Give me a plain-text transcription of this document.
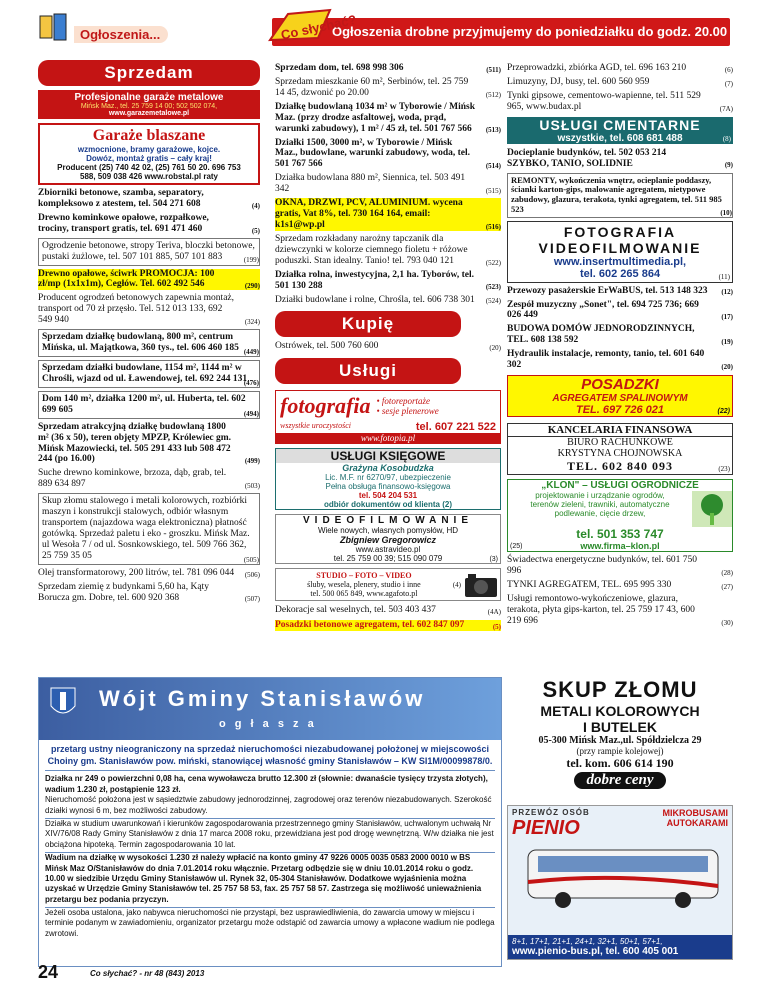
Ogłoszenia...	Ogłoszenia drobne przyjmujemy do poniedziałku do godz. 20.00
Co słychać?
Sprzedam
Profesjonalne garaże metalowe
Mińsk Maz., tel. 25 759 14 00; 502 502 074,
www.garazemetalowe.pl
Garaże blaszane
wzmocnione, bramy garażowe, kojce.
Dowóz, montaż gratis – cały kraj!
Producent (25) 740 42 02, (25) 761 50 20. 696 753
588, 509 038 426 www.robstal.pl raty
Zbiorniki betonowe, szamba, separatory, kompleksowo z atestem, tel. 504 271 608	(4)
Drewno kominkowe opałowe, rozpałkowe, trociny, transport gratis, tel. 691 471 460	(5)
Ogrodzenie betonowe, stropy Teriva, bloczki betonowe, pustaki żużlowe, tel. 507 101 885, 507 101 883	(199)
Drewno opałowe, ściwrk PROMOCJA: 100 zł/mp (1x1x1m), Cegłów. Tel. 602 492 546	(290)
Producent ogrodzeń betonowych zapewnia montaż, transport od 70 zł przęsło. Tel. 512 013 133, 692 549 940	(324)
Sprzedam działkę budowlaną, 800 m², centrum Mińska, ul. Majątkowa, 360 tys., tel. 606 460 185 (449)
Sprzedam działki budowlane, 1154 m², 1144 m² w Chrośli, wjazd od ul. Ławendowej, tel. 692 244 131
(476)
Dom 140 m², działka 1200 m², ul. Huberta, tel. 602 699 605	(494)
Sprzedam atrakcyjną działkę budowlaną 1800 m² (36 x 50), teren objęty MPZP, Królewiec gm. Mińsk Mazowiecki, tel. 505 291 433 lub 508 472 244 (po 16.00)	(499)
Suche drewno kominkowe, brzoza, dąb, grab, tel. 889 634 897	(503)
Skup złomu stalowego i metali kolorowych, rozbiórki maszyn i konstrukcji stalowych, odbiór własnym transportem (najazdowa waga elektroniczna) płatność gotówką. Sprzedaż paletu i eko - groszku. Mińsk Maz. ul Wesoła 7 / od ul. Sosnkowskiego, tel. 509 766 362, 25 759 35 05	(505)
Olej transformatorowy, 200 litrów, tel. 781 096 044 (506)
Sprzedam ziemię z budynkami 5,60 ha, Kąty Borucza gm. Dobre, tel. 600 920 368	(507)
Sprzedam dom, tel. 698 998 306	(511)
Sprzedam mieszkanie 60 m², Serbinów, tel. 25 759 14 45, dzwonić po 20.00	(512)
Działkę budowlaną 1034 m² w Tyborowie / Mińsk Maz. (przy drodze asfaltowej, woda, prąd, warunki zabudowy), 1 m² / 45 zł, tel. 501 767 566 (513)
Działki 1500, 3000 m², w Tyborowie / Mińsk Maz., budowlane, warunki zabudowy, woda, tel. 501 767 566	(514)
Działka budowlana 880 m², Siennica, tel. 503 491 342	(515)
OKNA, DRZWI, PCV, ALUMINIUM. wycena gratis, Vat 8%, tel. 730 164 164, email: k1s1@wp.pl	(516)
Sprzedam rozkładany narożny tapczanik dla dziewczynki w kolorze ciemnego fioletu + różowe poduszki. Stan idealny. Tanio! tel. 793 040 121	(522)
Działka rolna, inwestycyjna, 2,1 ha. Tyborów, tel. 501 130 288	(523)
Działki budowlane i rolne, Chrośla, tel. 606 738 301 (524)
Kupię
Ostrówek, tel. 500 760 600	(20)
Usługi
fotografia • fotoreportaże
• sesje plenerowe
wszystkie uroczystości	tel. 607 221 522
www.fotopia.pl
USŁUGI KSIĘGOWE
Grażyna Kosobudzka
Lic. M.F. nr 6270/97, ubezpieczenie
Pełna obsługa finansowo-księgowa
tel. 504 204 531
odbiór dokumentów od klienta (2)
VIDEOFILMOWANIE
Wiele nowych, własnych pomysłów, HD
Zbigniew Gregorowicz
www.astravideo.pl
tel. 25 759 00 39; 515 090 079	(3)
STUDIO – FOTO – VIDEO
śluby, wesela, plenery, studio i inne
tel. 500 065 849, www.agafoto.pl
(4)
Dekoracje sal weselnych, tel. 503 403 437	(4A)
Posadzki betonowe agregatem, tel. 602 847 097	(5)
Przeprowadzki, zbiórka AGD, tel. 696 163 210	(6)
Limuzyny, DJ, busy, tel. 600 560 959	(7)
Tynki gipsowe, cementowo-wapienne, tel. 511 529 965, www.budax.pl	(7A)
USŁUGI CMENTARNE
wszystkie, tel. 608 681 488	(8)
Docieplanie budynków, tel. 502 053 214 SZYBKO, TANIO, SOLIDNIE	(9)
REMONTY, wykończenia wnętrz, ocieplanie poddaszy, ścianki karton-gips, malowanie agregatem, nietypowe zabudowy, glazura, terakota, tynki agregatem, tel. 511 985 523	(10)
FOTOGRAFIA
VIDEOFILMOWANIE
www.insertmultimedia.pl,
tel. 602 265 864	(11)
Przewozy pasażerskie ErWaBUS, tel. 513 148 323 (12)
Zespół muzyczny „Sonet", tel. 694 725 736; 669 026 449	(17)
BUDOWA DOMÓW JEDNORODZINNYCH, TEL. 608 138 592	(19)
Hydraulik instalacje, remonty, tanio, tel. 601 640 302	(20)
POSADZKI
AGREGATEM SPALINOWYM
TEL. 697 726 021	(22)
KANCELARIA FINANSOWA
BIURO RACHUNKOWE
KRYSTYNA CHOJNOWSKA
TEL. 602 840 093	(23)
„KLON" – USŁUGI OGRODNICZE
projektowanie i urządzanie ogrodów,
terenów zieleni, trawniki, automatyczne
podlewanie, cięcie drzew,
tel. 501 353 747
www.firma–klon.pl
(25)
Świadectwa energetyczne budynków, tel. 601 750 996	(28)
TYNKI AGREGATEM, TEL. 695 995 330	(27)
Usługi remontowo-wykończeniowe, glazura, terakota, płyta gips-karton, tel. 25 759 17 43, 600 219 696	(30)
Wójt Gminy Stanisławów
o g ł a s z a
przetarg ustny nieograniczony na sprzedaż nieruchomości niezabudowanej położonej w miejscowości Choiny gm. Stanisławów pow. miński, stanowiącej własność gminy Stanisławów – KW SI1M/00099878/0.

Działka nr 249 o powierzchni 0,08 ha, cena wywoławcza brutto 12.300 zł (słownie: dwanaście tysięcy trzysta złotych), wadium 1.230 zł, postąpienie 123 zł.

Nieruchomość położona jest w sąsiedztwie zabudowy jednorodzinnej, zagrodowej oraz terenów niezabudowanych. Szerokość działki wynosi 6 m, bez możliwości zabudowy.

Działka w studium uwarunkowań i kierunków zagospodarowania przestrzennego gminy Stanisławów, uchwalonym uchwałą Nr XIV/76/08 Rady Gminy Stanisławów z dnia 17 marca 2008 roku, przewidziana jest pod drogę wewnętrzną. W/w działka nie jest obciążona hipoteką. Termin zagospodarowania 10 lat.

Wadium na działkę w wysokości 1.230 zł należy wpłacić na konto gminy 47 9226 0005 0035 0583 2000 0010 w BS Mińsk Maz O/Stanisławów do dnia 7.01.2014 roku włącznie. Przetarg odbędzie się w dniu 10.01.2014 roku o godz. 10.00 w siedzibie Urzędu Gminy Stanisławów ul. Rynek 32, 05-304 Stanisławów. Dodatkowe wyjaśnienia można uzyskać w Urzędzie Gminy Stanisławów tel. 25 757 58 53, fax. 25 757 58 57. Zastrzega się możliwość unieważnienia przetargu bez podania przyczyn.

Jeżeli osoba ustalona, jako nabywca nieruchomości nie przystąpi, bez usprawiedliwienia, do zawarcia umowy w miejscu i terminie podanym w zawiadomieniu, organizator przetargu może odstąpić od zawarcia umowy a wpłacone wadium nie podlega zwrotowi.

SKUP ZŁOMU
METALI KOLOROWYCH
I BUTELEK
05-300 Mińsk Maz.,ul. Spółdzielcza 29
(przy rampie kolejowej)
tel. kom. 606 614 190
dobre ceny
PRZEWÓZ OSÓB
PIENIO
MIKROBUSAMI
AUTOKARAMI
8+1, 17+1, 21+1, 24+1, 32+1, 50+1, 57+1,
www.pienio-bus.pl, tel. 600 405 001
24	Co słychać? - nr 48 (843) 2013
